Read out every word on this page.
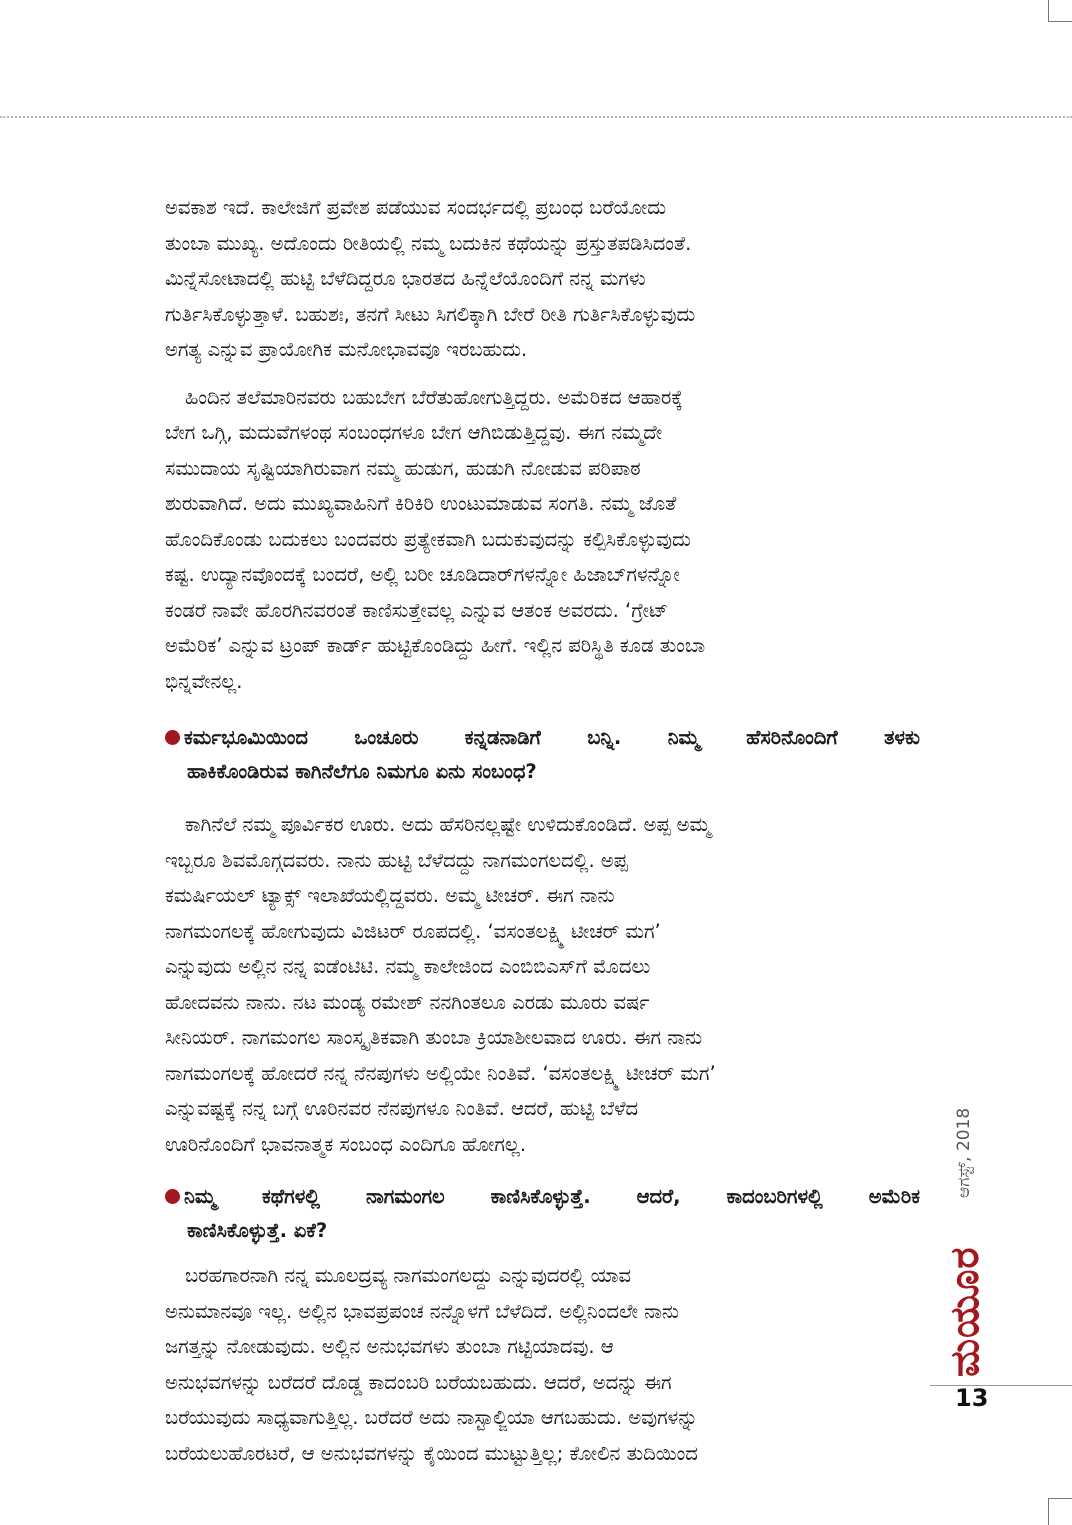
ಅವಕಾಶ ಇದೆ. ಕಾಲೇಜಿಗೆ ಪ್ರವೇಶ ಪಡೆಯುವ ಸಂದರ್ಭದಲ್ಲಿ ಪ್ರಬಂಧ ಬರೆಯೋದು

ತುಂಬಾ ಮುಖ್ಯ. ಅದೊಂದು ರೀತಿಯಲ್ಲಿ ನಮ್ಮ ಬದುಕಿನ ಕಥೆಯನ್ನು ಪ್ರಸ್ತುತಪಡಿಸಿದಂತೆ.

ಮಿನ್ನೆಸೋಟಾದಲ್ಲಿ ಹುಟ್ಟಿ ಬೆಳೆದಿದ್ದರೂ ಭಾರತದ ಹಿನ್ನೆಲೆಯೊಂದಿಗೆ ನನ್ನ ಮಗಳು

ಗುರ್ತಿಸಿಕೊಳ್ಳುತ್ತಾಳೆ. ಬಹುಶಃ, ತನಗೆ ಸೀಟು ಸಿಗಲಿಕ್ಕಾಗಿ ಬೇರೆ ರೀತಿ ಗುರ್ತಿಸಿಕೊಳ್ಳುವುದು

ಅಗತ್ಯ ಎನ್ನುವ ಪ್ರಾಯೋಗಿಕ ಮನೋಭಾವವೂ ಇರಬಹುದು.

ಹಿಂದಿನ ತಲೆಮಾರಿನವರು ಬಹುಬೇಗ ಬೆರೆತುಹೋಗುತ್ತಿದ್ದರು. ಅಮೆರಿಕದ ಆಹಾರಕ್ಕೆ

ಬೇಗ ಒಗ್ಗಿ, ಮದುವೆಗಳಂಥ ಸಂಬಂಧಗಳೂ ಬೇಗ ಆಗಿಬಿಡುತ್ತಿದ್ದವು. ಈಗ ನಮ್ಮದೇ

ಸಮುದಾಯ ಸೃಷ್ಟಿಯಾಗಿರುವಾಗ ನಮ್ಮ ಹುಡುಗ, ಹುಡುಗಿ ನೋಡುವ ಪರಿಪಾಠ

ಶುರುವಾಗಿದೆ. ಅದು ಮುಖ್ಯವಾಹಿನಿಗೆ ಕಿರಿಕಿರಿ ಉಂಟುಮಾಡುವ ಸಂಗತಿ. ನಮ್ಮ ಜೊತೆ

ಹೊಂದಿಕೊಂಡು ಬದುಕಲು ಬಂದವರು ಪ್ರತ್ಯೇಕವಾಗಿ ಬದುಕುವುದನ್ನು ಕಲ್ಪಿಸಿಕೊಳ್ಳುವುದು

ಕಷ್ಟ. ಉದ್ಯಾನವೊಂದಕ್ಕೆ ಬಂದರೆ, ಅಲ್ಲಿ ಬರೀ ಚೂಡಿದಾರ್‌ಗಳನ್ನೋ ಹಿಜಾಬ್‌ಗಳನ್ನೋ

ಕಂಡರೆ ನಾವೇ ಹೊರಗಿನವರಂತೆ ಕಾಣಿಸುತ್ತೇವಲ್ಲ ಎನ್ನುವ ಆತಂಕ ಅವರದು. ‘ಗ್ರೇಟ್

ಅಮೆರಿಕ’ ಎನ್ನುವ ಟ್ರಂಪ್ ಕಾರ್ಡ್ ಹುಟ್ಟಿಕೊಂಡಿದ್ದು ಹೀಗೆ. ಇಲ್ಲಿನ ಪರಿಸ್ಥಿತಿ ಕೂಡ ತುಂಬಾ

ಭಿನ್ನವೇನಲ್ಲ.

ಕರ್ಮಭೂಮಿಯಿಂದ ಒಂಚೂರು ಕನ್ನಡನಾಡಿಗೆ ಬನ್ನಿ. ನಿಮ್ಮ ಹೆಸರಿನೊಂದಿಗೆ ತಳಕು

ಹಾಕಿಕೊಂಡಿರುವ ಕಾಗಿನೆಲೆಗೂ ನಿಮಗೂ ಏನು ಸಂಬಂಧ?

ಕಾಗಿನೆಲೆ ನಮ್ಮ ಪೂರ್ವಿಕರ ಊರು. ಅದು ಹೆಸರಿನಲ್ಲಷ್ಟೇ ಉಳಿದುಕೊಂಡಿದೆ. ಅಪ್ಪ ಅಮ್ಮ

ಇಬ್ಬರೂ ಶಿವಮೊಗ್ಗದವರು. ನಾನು ಹುಟ್ಟಿ ಬೆಳೆದದ್ದು ನಾಗಮಂಗಲದಲ್ಲಿ. ಅಪ್ಪ

ಕಮರ್ಷಿಯಲ್ ಟ್ಯಾಕ್ಸ್ ಇಲಾಖೆಯಲ್ಲಿದ್ದವರು. ಅಮ್ಮ ಟೀಚರ್. ಈಗ ನಾನು

ನಾಗಮಂಗಲಕ್ಕೆ ಹೋಗುವುದು ವಿಜಿಟರ್ ರೂಪದಲ್ಲಿ. ‘ವಸಂತಲಕ್ಷ್ಮಿ ಟೀಚರ್ ಮಗ’

ಎನ್ನುವುದು ಅಲ್ಲಿನ ನನ್ನ ಐಡೆಂಟಿಟಿ. ನಮ್ಮ ಕಾಲೇಜಿಂದ ಎಂಬಿಬಿಎಸ್‌ಗೆ ಮೊದಲು

ಹೋದವನು ನಾನು. ನಟ ಮಂಡ್ಯ ರಮೇಶ್ ನನಗಿಂತಲೂ ಎರಡು ಮೂರು ವರ್ಷ

ಸೀನಿಯರ್. ನಾಗಮಂಗಲ ಸಾಂಸ್ಕೃತಿಕವಾಗಿ ತುಂಬಾ ಕ್ರಿಯಾಶೀಲವಾದ ಊರು. ಈಗ ನಾನು

ನಾಗಮಂಗಲಕ್ಕೆ ಹೋದರೆ ನನ್ನ ನೆನಪುಗಳು ಅಲ್ಲಿಯೇ ನಿಂತಿವೆ. ‘ವಸಂತಲಕ್ಷ್ಮಿ ಟೀಚರ್ ಮಗ’

ಎನ್ನುವಷ್ಟಕ್ಕೆ ನನ್ನ ಬಗ್ಗೆ ಊರಿನವರ ನೆನಪುಗಳೂ ನಿಂತಿವೆ. ಆದರೆ, ಹುಟ್ಟಿ ಬೆಳೆದ

ಊರಿನೊಂದಿಗೆ ಭಾವನಾತ್ಮಕ ಸಂಬಂಧ ಎಂದಿಗೂ ಹೋಗಲ್ಲ.

ನಿಮ್ಮ ಕಥೆಗಳಲ್ಲಿ ನಾಗಮಂಗಲ ಕಾಣಿಸಿಕೊಳ್ಳುತ್ತೆ. ಆದರೆ, ಕಾದಂಬರಿಗಳಲ್ಲಿ ಅಮೆರಿಕ

ಕಾಣಿಸಿಕೊಳ್ಳುತ್ತೆ. ಏಕೆ?

ಬರಹಗಾರನಾಗಿ ನನ್ನ ಮೂಲದ್ರವ್ಯ ನಾಗಮಂಗಲದ್ದು ಎನ್ನುವುದರಲ್ಲಿ ಯಾವ

ಅನುಮಾನವೂ ಇಲ್ಲ. ಅಲ್ಲಿನ ಭಾವಪ್ರಪಂಚ ನನ್ನೊಳಗೆ ಬೆಳೆದಿದೆ. ಅಲ್ಲಿನಿಂದಲೇ ನಾನು

ಜಗತ್ತನ್ನು ನೋಡುವುದು. ಅಲ್ಲಿನ ಅನುಭವಗಳು ತುಂಬಾ ಗಟ್ಟಿಯಾದವು. ಆ

ಅನುಭವಗಳನ್ನು ಬರೆದರೆ ದೊಡ್ಡ ಕಾದಂಬರಿ ಬರೆಯಬಹುದು. ಆದರೆ, ಅದನ್ನು ಈಗ

ಬರೆಯುವುದು ಸಾಧ್ಯವಾಗುತ್ತಿಲ್ಲ. ಬರೆದರೆ ಅದು ನಾಸ್ಟಾಲ್ಜಿಯಾ ಆಗಬಹುದು. ಅವುಗಳನ್ನು

ಬರೆಯಲುಹೊರಟರೆ, ಆ ಅನುಭವಗಳನ್ನು ಕೈಯಿಂದ ಮುಟ್ಟುತ್ತಿಲ್ಲ; ಕೋಲಿನ ತುದಿಯಿಂದ

ಆಗಸ್ಟ್, 2018
ಮಯೂರ
13
